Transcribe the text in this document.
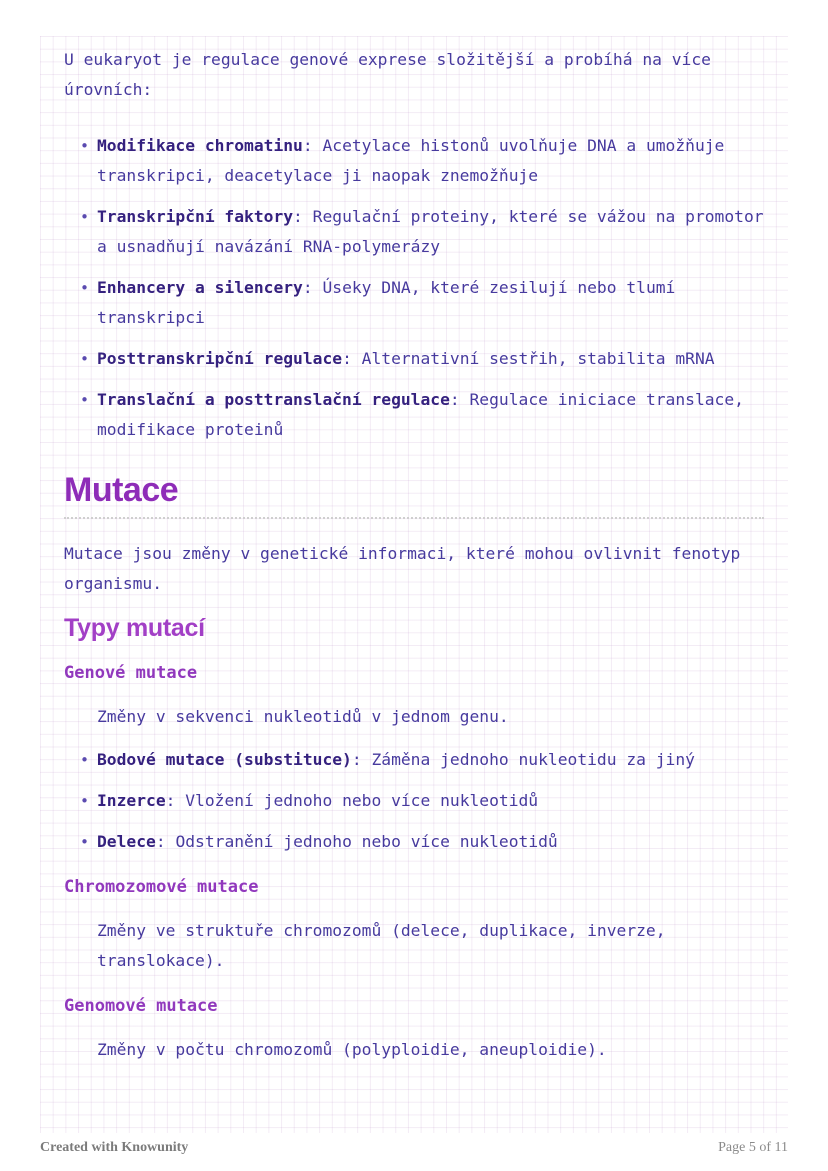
U eukaryot je regulace genové exprese složitější a probíhá na více úrovních:

• Modifikace chromatinu: Acetylace histonů uvolňuje DNA a umožňuje transkripci, deacetylace ji naopak znemožňuje
• Transkripční faktory: Regulační proteiny, které se vážou na promotor a usnadňují navázání RNA-polymerázy
• Enhancery a silencery: Úseky DNA, které zesilují nebo tlumí transkripci
• Posttranskripční regulace: Alternativní sestřih, stabilita mRNA
• Translační a posttranslační regulace: Regulace iniciace translace, modifikace proteinů
Mutace

Mutace jsou změny v genetické informaci, které mohou ovlivnit fenotyp organismu.

Typy mutací
Genové mutace

Změny v sekvenci nukleotidů v jednom genu.

• Bodové mutace (substituce): Záměna jednoho nukleotidu za jiný
• Inzerce: Vložení jednoho nebo více nukleotidů
• Delece: Odstranění jednoho nebo více nukleotidů
Chromozomové mutace

Změny ve struktuře chromozomů (delece, duplikace, inverze, translokace).

Genomové mutace

Změny v počtu chromozomů (polyploidie, aneuploidie).

Created with Knowunity	Page 5 of 11
